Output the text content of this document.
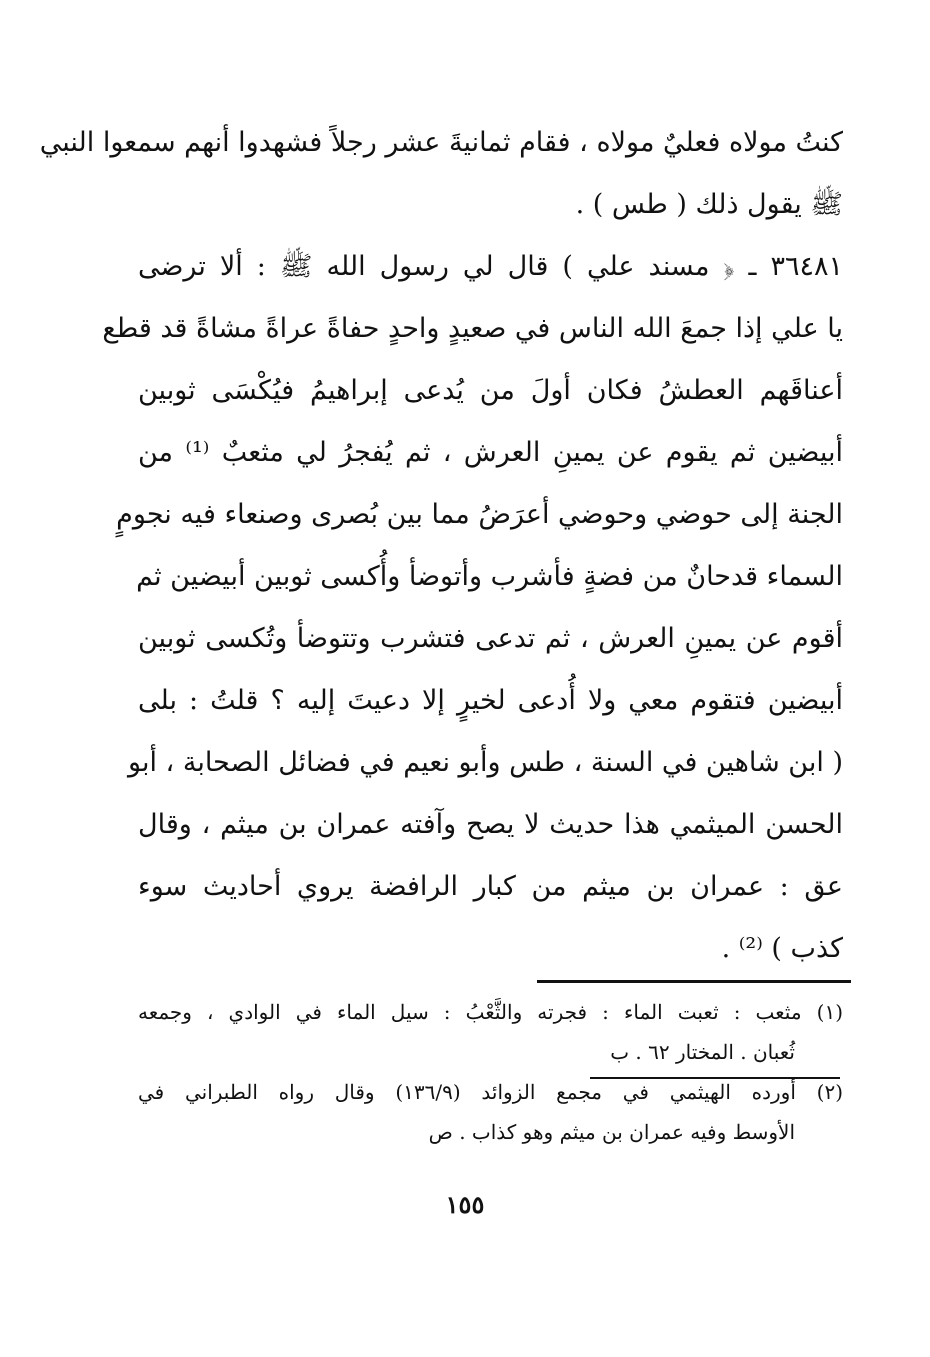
كنتُ مولاه فعليٌ مولاه ، فقام ثمانيةَ عشر رجلاً فشهدوا أنهم سمعوا النبي
ﷺ يقول ذلك ( طس ) .
٣٦٤٨١ ـ ﴿ مسند علي ) قال لي رسول الله ﷺ : ألا ترضى
يا علي إذا جمعَ الله الناس في صعيدٍ واحدٍ حفاةً عراةً مشاةً قد قطع
أعناقَهم العطشُ فكان أولَ من يُدعى إبراهيمُ فيُكْسَى ثوبين
أبيضين ثم يقوم عن يمينِ العرش ، ثم يُفجرُ لي مثعبٌ ⁽¹⁾ من
الجنة إلى حوضي وحوضي أعرَضُ مما بين بُصرى وصنعاء فيه نجومٍ
السماء قدحانٌ من فضةٍ فأشرب وأتوضأ وأُكسى ثوبين أبيضين ثم
أقوم عن يمينِ العرش ، ثم تدعى فتشرب وتتوضأ وتُكسى ثوبين
أبيضين فتقوم معي ولا أُدعى لخيرٍ إلا دعيتَ إليه ؟ قلتُ : بلى
( ابن شاهين في السنة ، طس وأبو نعيم في فضائل الصحابة ، أبو
الحسن الميثمي هذا حديث لا يصح وآفته عمران بن ميثم ، وقال
عق : عمران بن ميثم من كبار الرافضة يروي أحاديث سوء
كذب ) ⁽²⁾ .
(١) مثعب : ثعبت الماء : فجرته والثَّعْبُ : سيل الماء في الوادي ، وجمعه
ثُعبان . المختار ٦٢ . ب
(٢) أورده الهيثمي في مجمع الزوائد (١٣٦/٩) وقال رواه الطبراني في
الأوسط وفيه عمران بن ميثم وهو كذاب . ص
١٥٥
